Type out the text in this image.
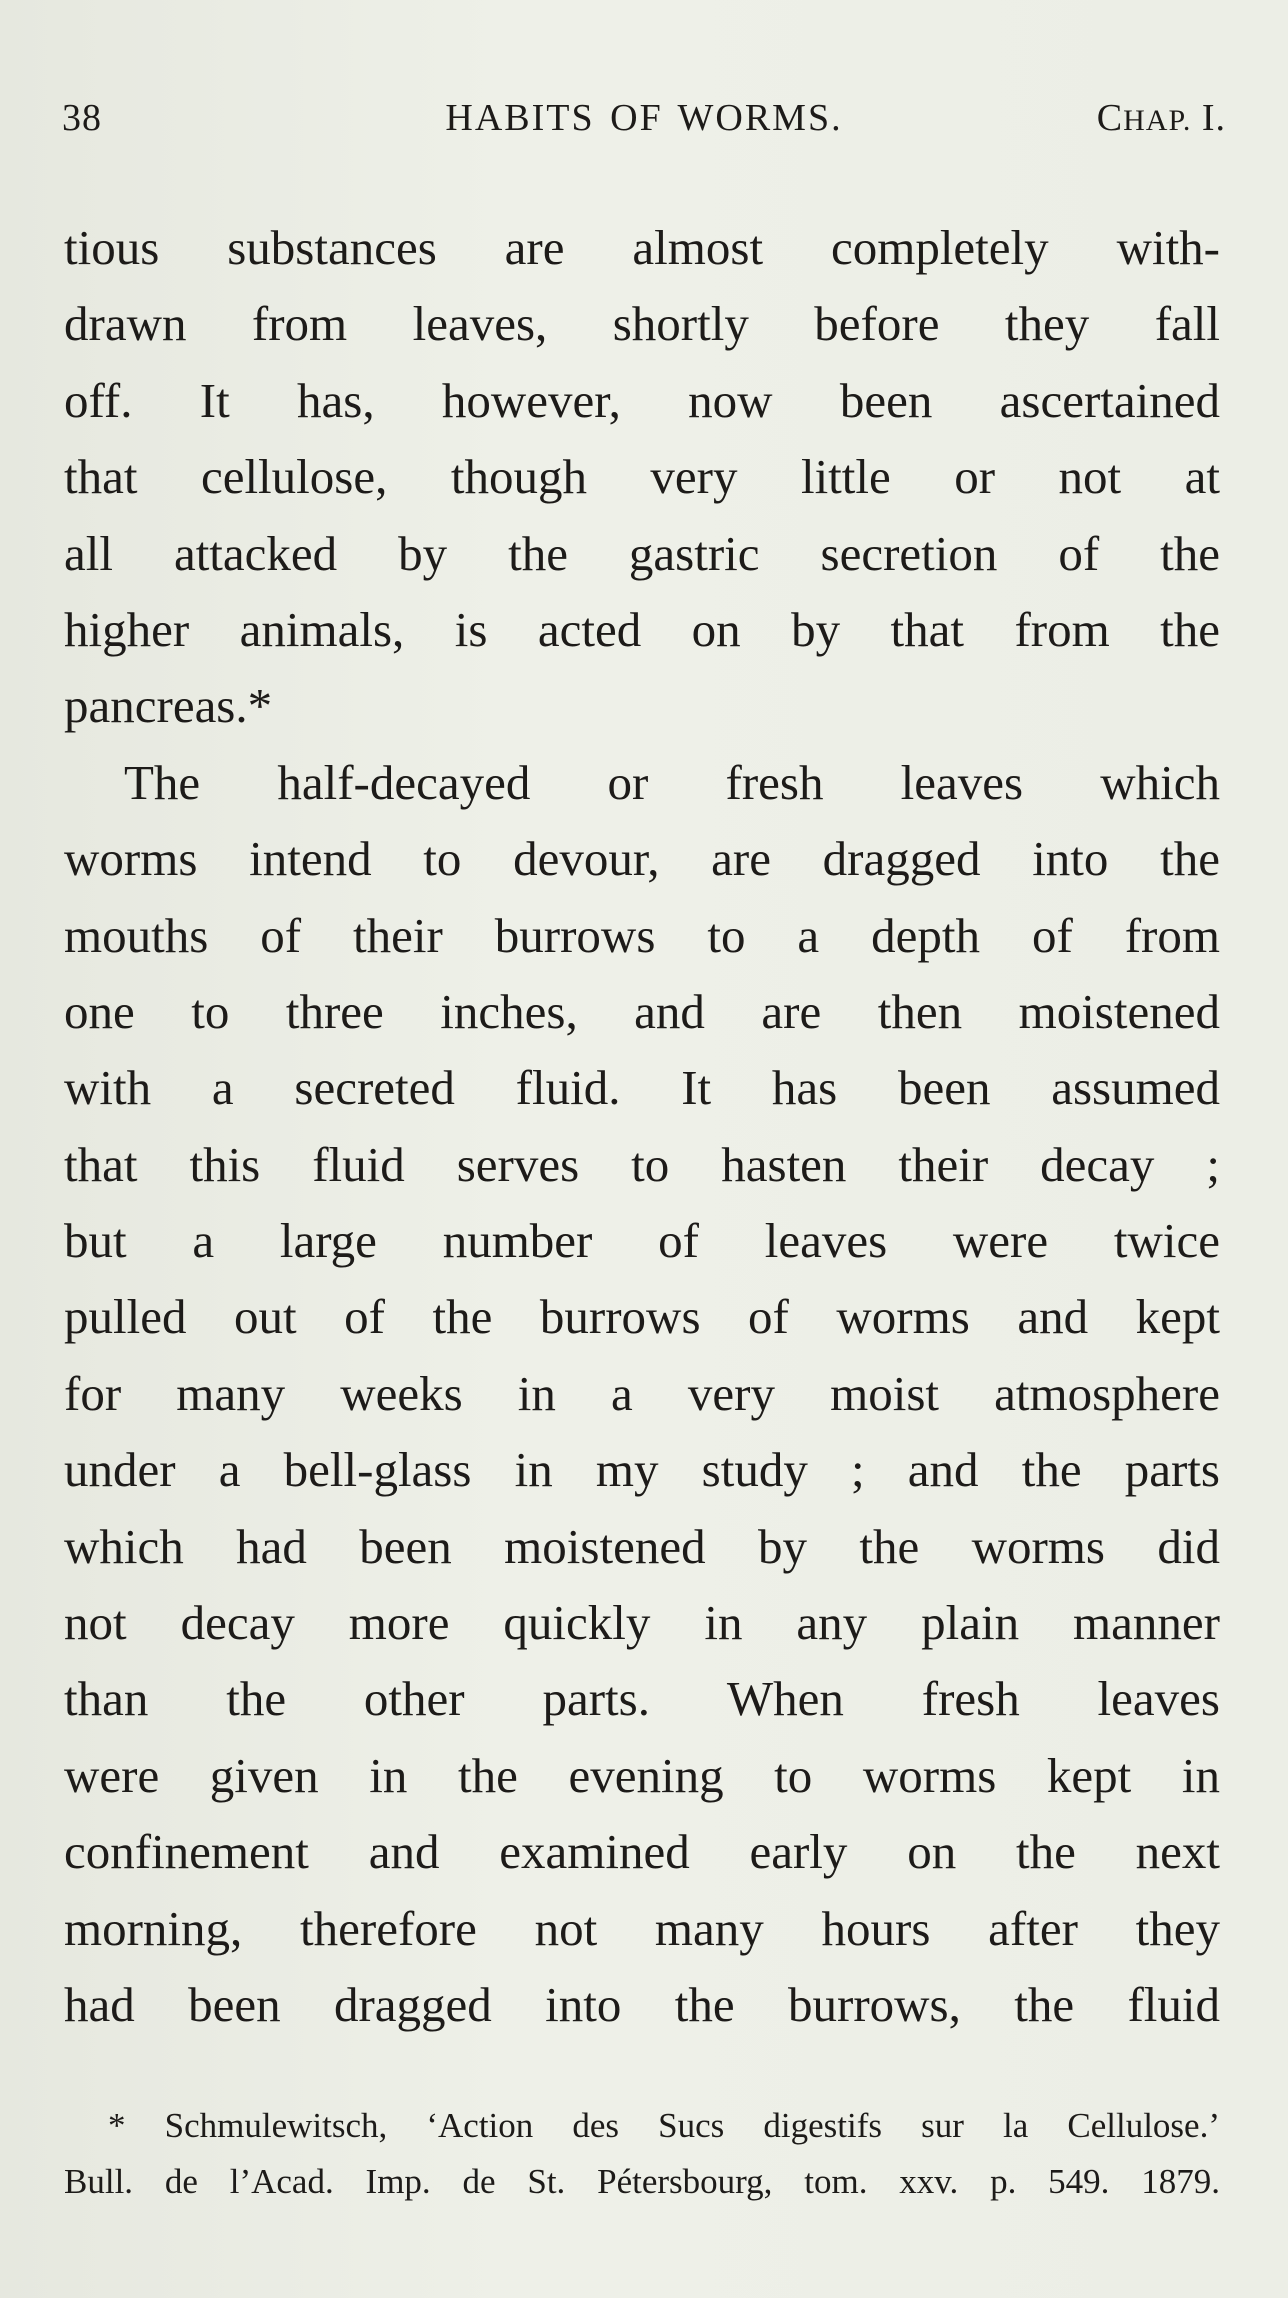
38	HABITS OF WORMS.	CHAP. I.
tious substances are almost completely with-
drawn from leaves, shortly before they fall
off. It has, however, now been ascertained
that cellulose, though very little or not at
all attacked by the gastric secretion of the
higher animals, is acted on by that from the
pancreas.*
The half-decayed or fresh leaves which
worms intend to devour, are dragged into the
mouths of their burrows to a depth of from
one to three inches, and are then moistened
with a secreted fluid. It has been assumed
that this fluid serves to hasten their decay ;
but a large number of leaves were twice
pulled out of the burrows of worms and kept
for many weeks in a very moist atmosphere
under a bell-glass in my study ; and the parts
which had been moistened by the worms did
not decay more quickly in any plain manner
than the other parts. When fresh leaves
were given in the evening to worms kept in
confinement and examined early on the next
morning, therefore not many hours after they
had been dragged into the burrows, the fluid
* Schmulewitsch, ‘Action des Sucs digestifs sur la Cellulose.’
Bull. de l’Acad. Imp. de St. Pétersbourg, tom. xxv. p. 549. 1879.
